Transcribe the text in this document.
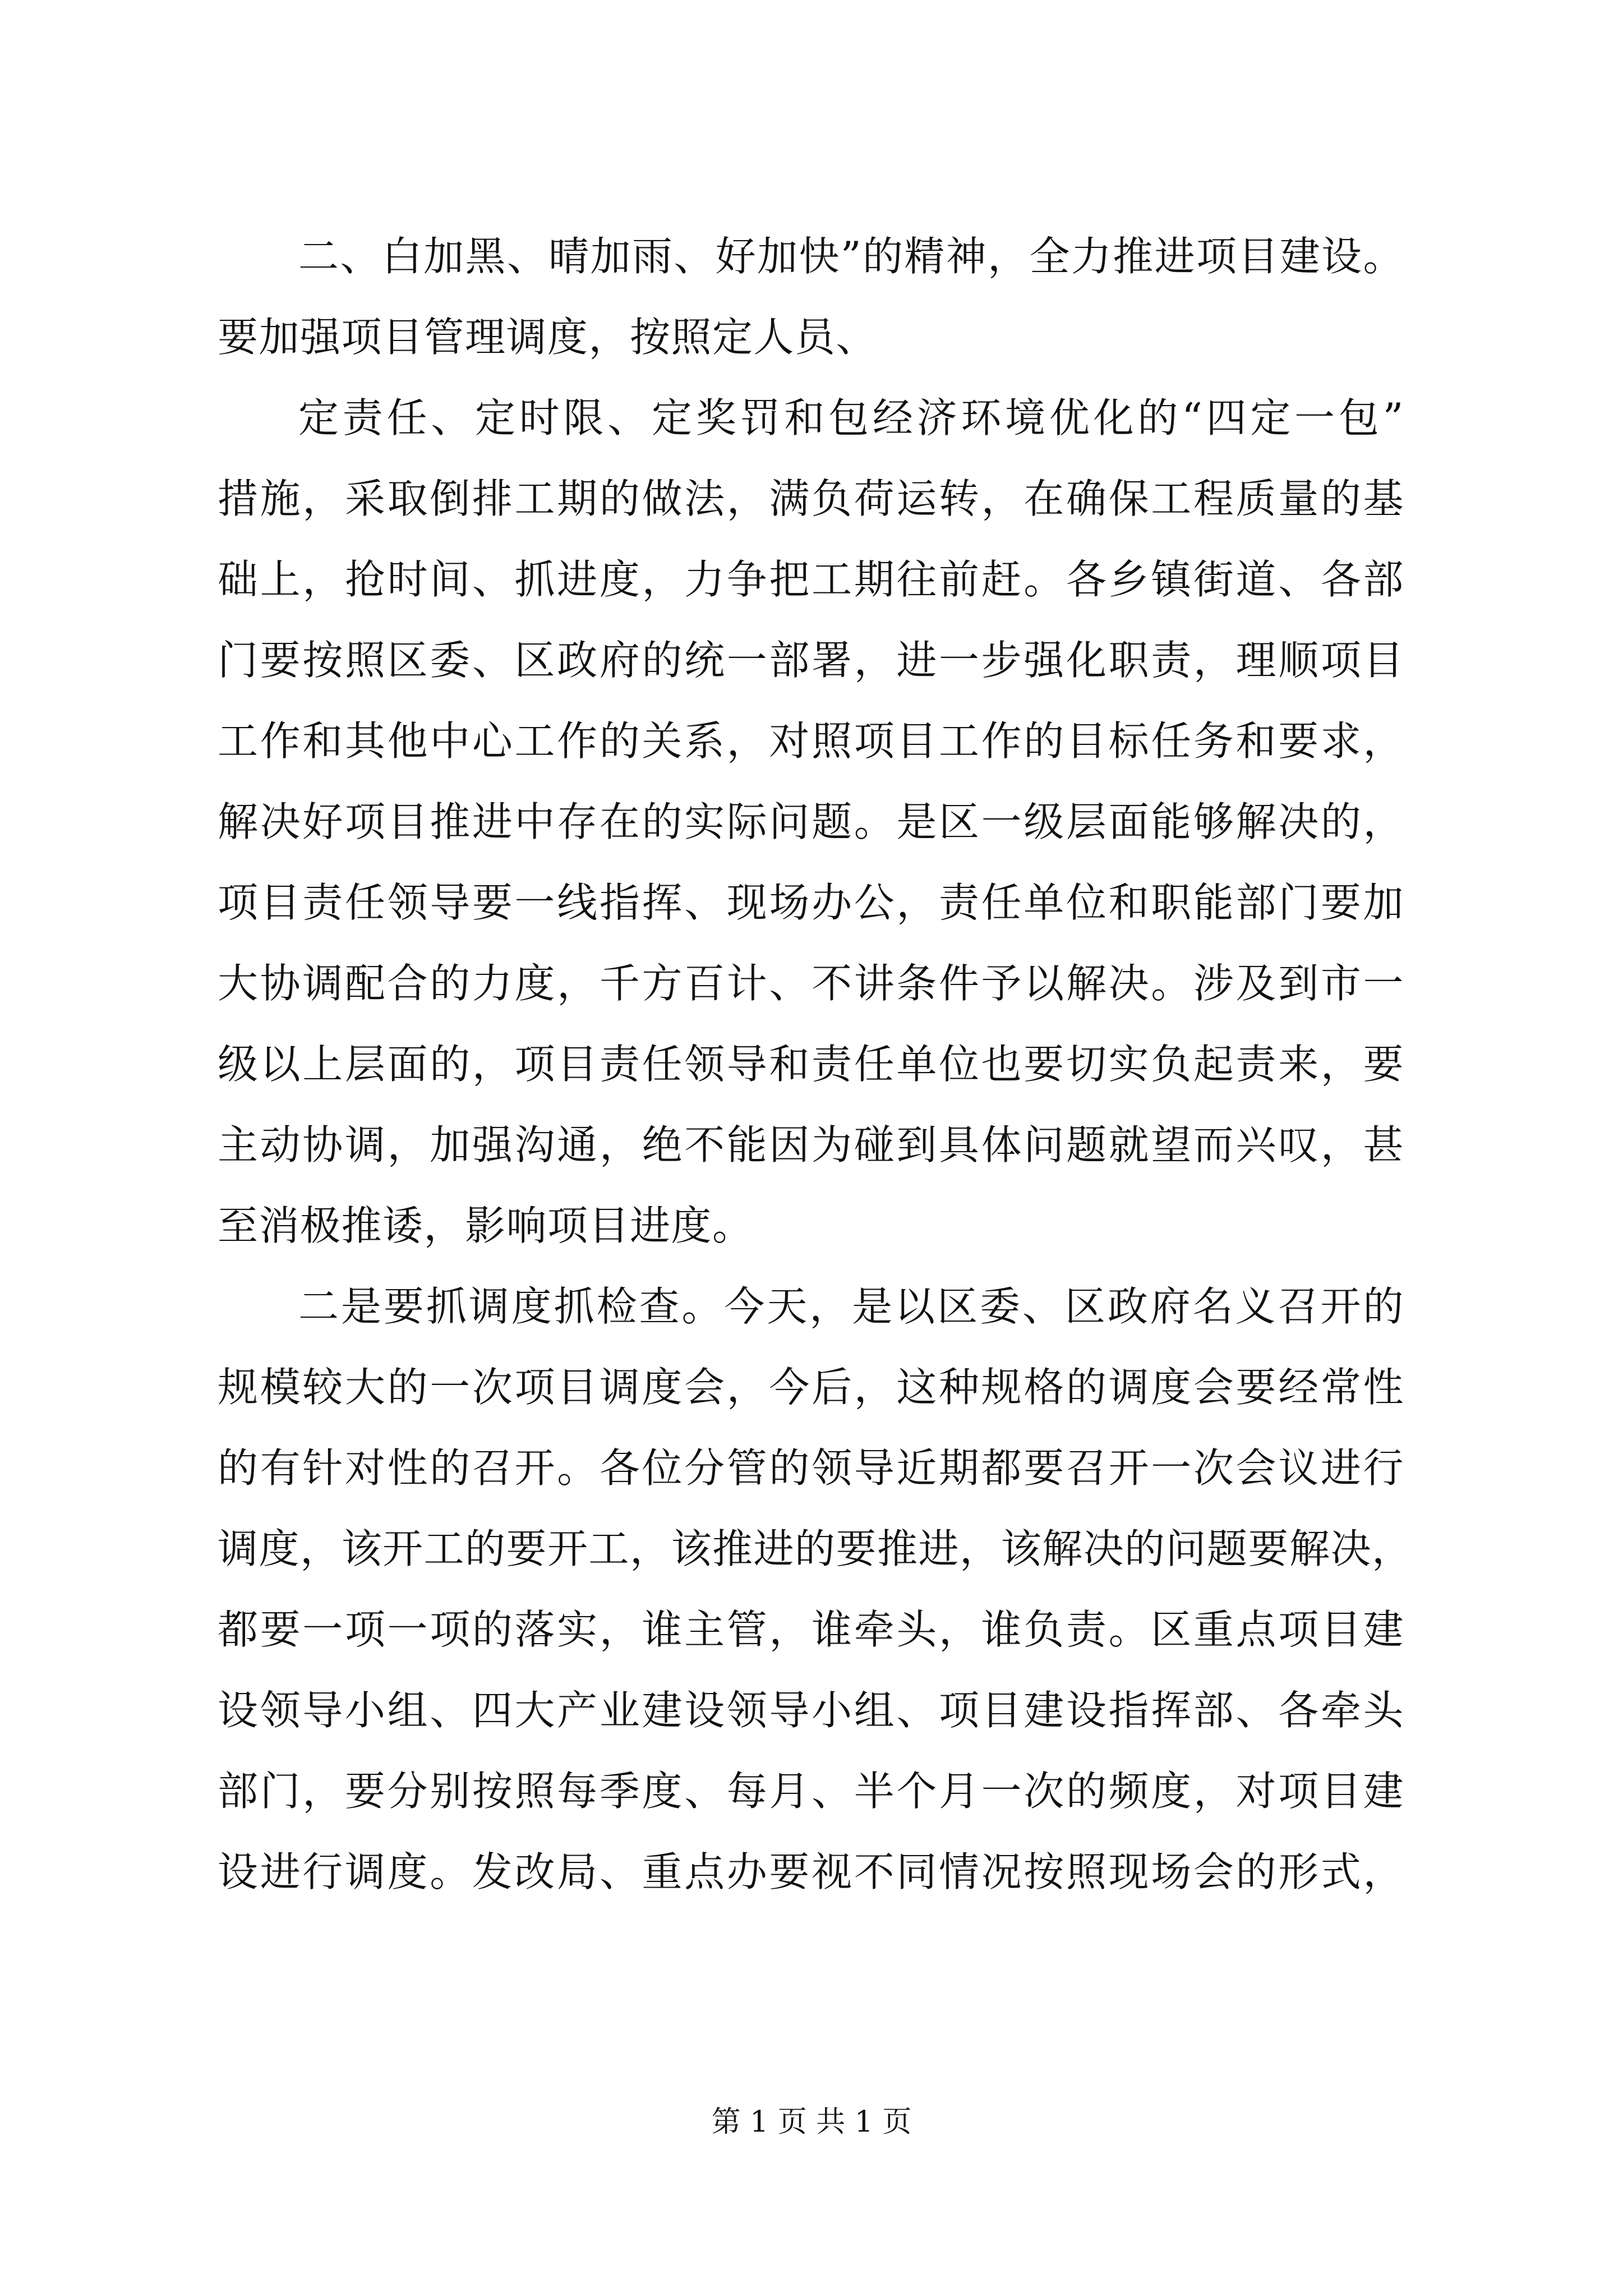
二、白加黑、晴加雨、好加快”的精神，全力推进项目建设。
要加强项目管理调度，按照定人员、
定责任、定时限、定奖罚和包经济环境优化的“四定一包”
措施，采取倒排工期的做法，满负荷运转，在确保工程质量的基
础上，抢时间、抓进度，力争把工期往前赶。各乡镇街道、各部
门要按照区委、区政府的统一部署，进一步强化职责，理顺项目
工作和其他中心工作的关系，对照项目工作的目标任务和要求，
解决好项目推进中存在的实际问题。是区一级层面能够解决的，
项目责任领导要一线指挥、现场办公，责任单位和职能部门要加
大协调配合的力度，千方百计、不讲条件予以解决。涉及到市一
级以上层面的，项目责任领导和责任单位也要切实负起责来，要
主动协调，加强沟通，绝不能因为碰到具体问题就望而兴叹，甚
至消极推诿，影响项目进度。
二是要抓调度抓检查。今天，是以区委、区政府名义召开的
规模较大的一次项目调度会，今后，这种规格的调度会要经常性
的有针对性的召开。各位分管的领导近期都要召开一次会议进行
调度，该开工的要开工，该推进的要推进，该解决的问题要解决，
都要一项一项的落实，谁主管，谁牵头，谁负责。区重点项目建
设领导小组、四大产业建设领导小组、项目建设指挥部、各牵头
部门，要分别按照每季度、每月、半个月一次的频度，对项目建
设进行调度。发改局、重点办要视不同情况按照现场会的形式，
第 1 页 共 1 页
